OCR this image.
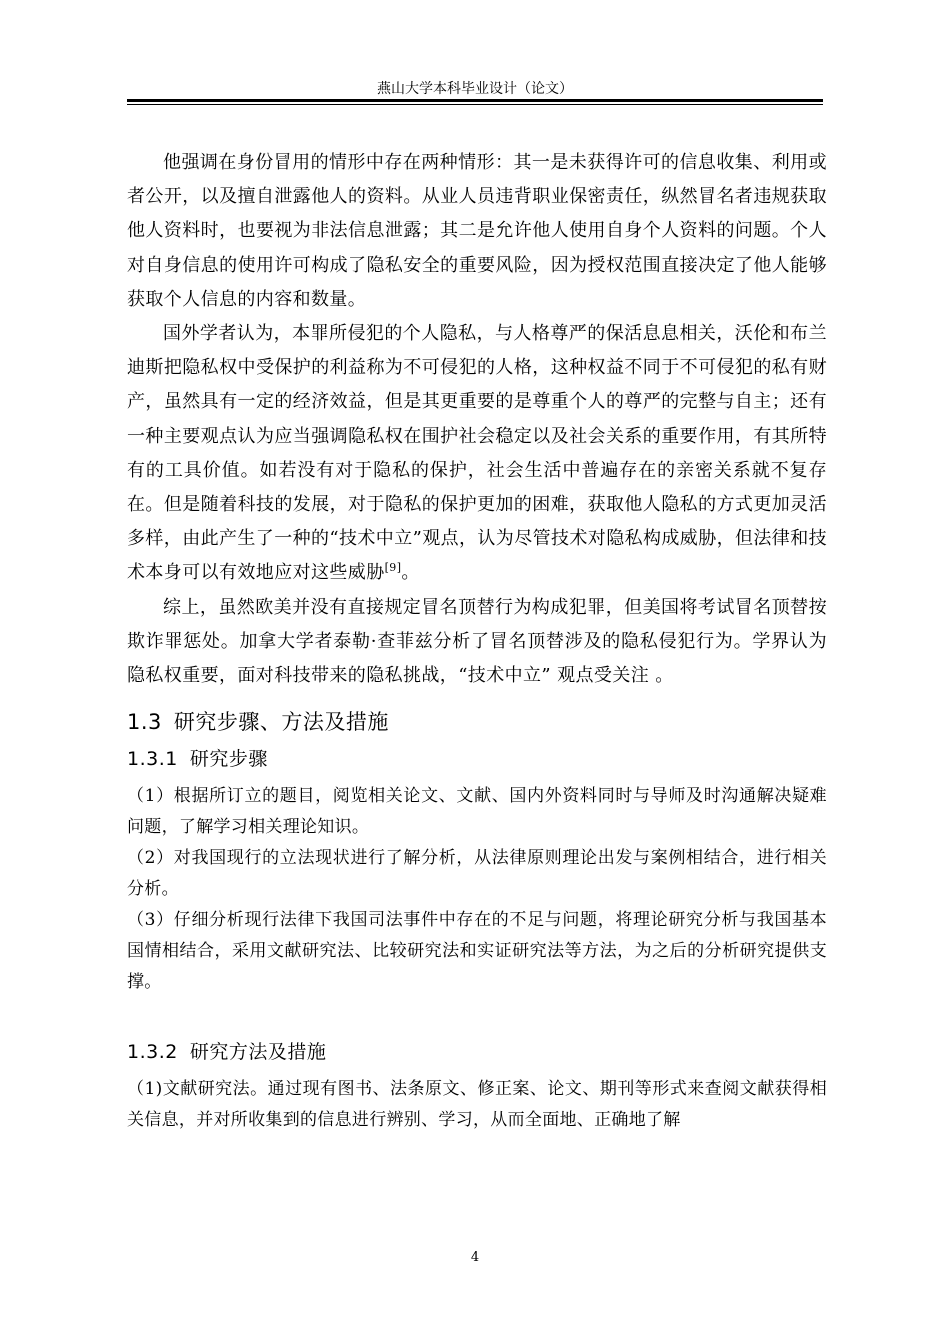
燕山大学本科毕业设计（论文）

他强调在身份冒用的情形中存在两种情形：其一是未获得许可的信息收集、利用或者公开，以及擅自泄露他人的资料。从业人员违背职业保密责任，纵然冒名者违规获取他人资料时，也要视为非法信息泄露；其二是允许他人使用自身个人资料的问题。个人对自身信息的使用许可构成了隐私安全的重要风险，因为授权范围直接决定了他人能够获取个人信息的内容和数量。

国外学者认为，本罪所侵犯的个人隐私，与人格尊严的保活息息相关，沃伦和布兰迪斯把隐私权中受保护的利益称为不可侵犯的人格，这种权益不同于不可侵犯的私有财产，虽然具有一定的经济效益，但是其更重要的是尊重个人的尊严的完整与自主；还有一种主要观点认为应当强调隐私权在围护社会稳定以及社会关系的重要作用，有其所特有的工具价值。如若没有对于隐私的保护，社会生活中普遍存在的亲密关系就不复存在。但是随着科技的发展，对于隐私的保护更加的困难，获取他人隐私的方式更加灵活多样，由此产生了一种的“技术中立”观点，认为尽管技术对隐私构成威胁，但法律和技术本身可以有效地应对这些威胁[9]。

综上，虽然欧美并没有直接规定冒名顶替行为构成犯罪，但美国将考试冒名顶替按欺诈罪惩处。加拿大学者泰勒·查菲兹分析了冒名顶替涉及的隐私侵犯行为。学界认为隐私权重要，面对科技带来的隐私挑战，“技术中立” 观点受关注 。

1.3 研究步骤、方法及措施
1.3.1 研究步骤

（1）根据所订立的题目，阅览相关论文、文献、国内外资料同时与导师及时沟通解决疑难问题，了解学习相关理论知识。

（2）对我国现行的立法现状进行了解分析，从法律原则理论出发与案例相结合，进行相关分析。

（3）仔细分析现行法律下我国司法事件中存在的不足与问题，将理论研究分析与我国基本国情相结合，采用文献研究法、比较研究法和实证研究法等方法，为之后的分析研究提供支撑。

1.3.2 研究方法及措施

（1)文献研究法。通过现有图书、法条原文、修正案、论文、期刊等形式来查阅文献获得相关信息，并对所收集到的信息进行辨别、学习，从而全面地、正确地了解

4
